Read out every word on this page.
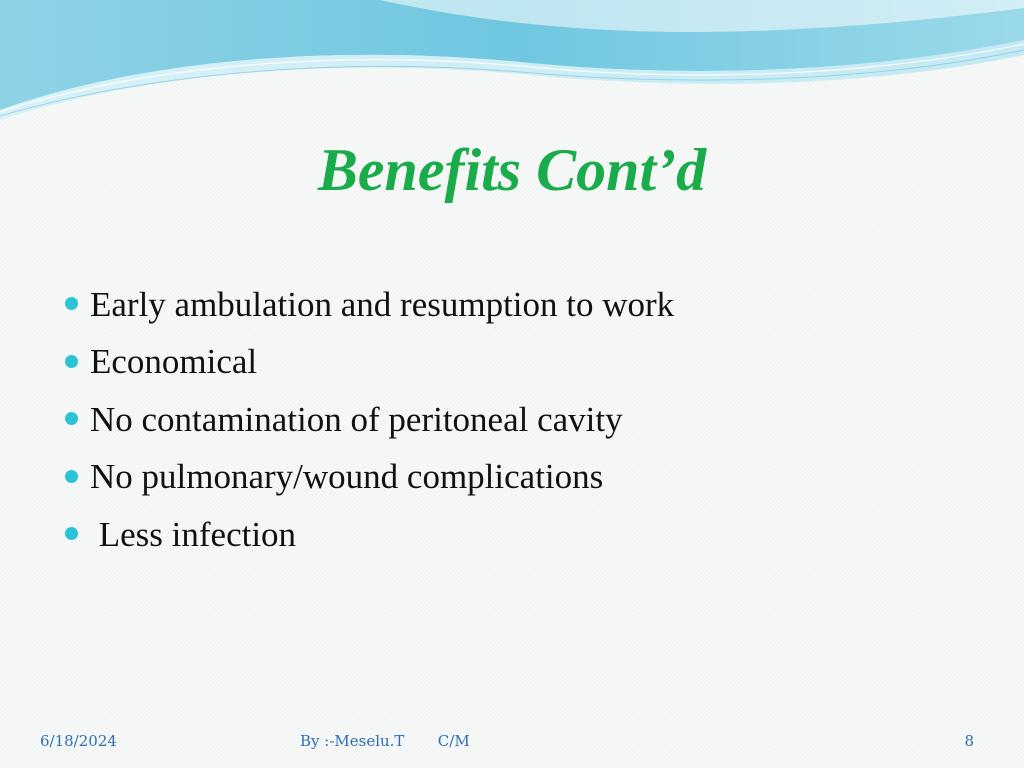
Benefits Cont’d
Early ambulation and resumption to work
Economical
No contamination of peritoneal cavity
No pulmonary/wound complications
Less infection
6/18/2024	By :-Meselu.T       C/M	8
